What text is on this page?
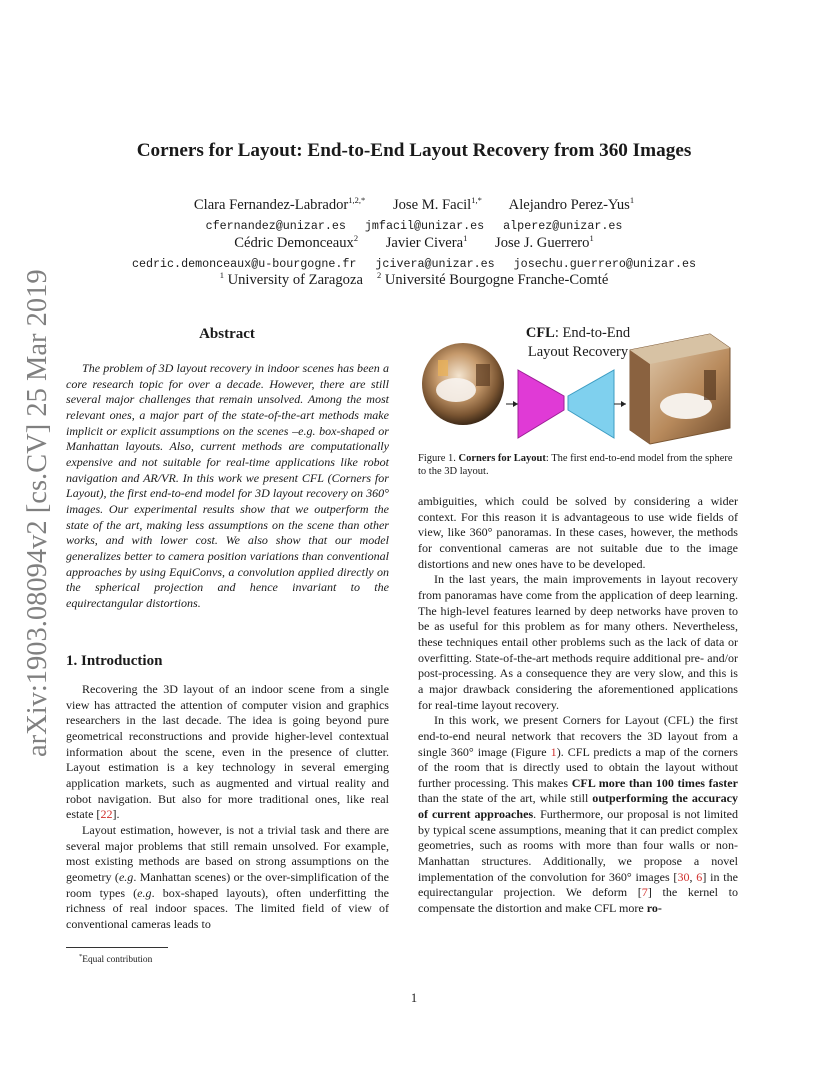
arXiv:1903.08094v2 [cs.CV] 25 Mar 2019
Corners for Layout: End-to-End Layout Recovery from 360 Images
Clara Fernandez-Labrador$^{1,2,*}$ Jose M. Facil$^{1,*}$ Alejandro Perez-Yus$^1$
cfernandez@unizar.es jmfacil@unizar.es alperez@unizar.es
Cédric Demonceaux$^2$ Javier Civera$^1$ Jose J. Guerrero$^1$
cedric.demonceaux@u-bourgogne.fr jcivera@unizar.es josechu.guerrero@unizar.es
$^1$ University of Zaragoza $^2$ Université Bourgogne Franche-Comté
Abstract

The problem of 3D layout recovery in indoor scenes has been a core research topic for over a decade. However, there are still several major challenges that remain unsolved. Among the most relevant ones, a major part of the state-of-the-art methods make implicit or explicit assumptions on the scenes –e.g. box-shaped or Manhattan layouts. Also, current methods are computationally expensive and not suitable for real-time applications like robot navigation and AR/VR. In this work we present CFL (Corners for Layout), the first end-to-end model for 3D layout recovery on 360° images. Our experimental results show that we outperform the state of the art, making less assumptions on the scene than other works, and with lower cost. We also show that our model generalizes better to camera position variations than conventional approaches by using EquiConvs, a convolution applied directly on the spherical projection and hence invariant to the equirectangular distortions.

1. Introduction

Recovering the 3D layout of an indoor scene from a single view has attracted the attention of computer vision and graphics researchers in the last decade. The idea is going beyond pure geometrical reconstructions and provide higher-level contextual information about the scene, even in the presence of clutter. Layout estimation is a key technology in several emerging application markets, such as augmented and virtual reality and robot navigation. But also for more traditional ones, like real estate [22].

Layout estimation, however, is not a trivial task and there are several major problems that still remain unsolved. For example, most existing methods are based on strong assumptions on the geometry (e.g. Manhattan scenes) or the over-simplification of the room types (e.g. box-shaped layouts), often underfitting the richness of real indoor spaces. The limited field of view of conventional cameras leads to

*Equal contribution
CFL: End-to-End
Layout Recovery
Figure 1. Corners for Layout: The first end-to-end model from the sphere to the 3D layout.

ambiguities, which could be solved by considering a wider context. For this reason it is advantageous to use wide fields of view, like 360° panoramas. In these cases, however, the methods for conventional cameras are not suitable due to the image distortions and new ones have to be developed.

In the last years, the main improvements in layout recovery from panoramas have come from the application of deep learning. The high-level features learned by deep networks have proven to be as useful for this problem as for many others. Nevertheless, these techniques entail other problems such as the lack of data or overfitting. State-of-the-art methods require additional pre- and/or post-processing. As a consequence they are very slow, and this is a major drawback considering the aforementioned applications for real-time layout recovery.

In this work, we present Corners for Layout (CFL) the first end-to-end neural network that recovers the 3D layout from a single 360° image (Figure 1). CFL predicts a map of the corners of the room that is directly used to obtain the layout without further processing. This makes CFL more than 100 times faster than the state of the art, while still outperforming the accuracy of current approaches. Furthermore, our proposal is not limited by typical scene assumptions, meaning that it can predict complex geometries, such as rooms with more than four walls or non-Manhattan structures. Additionally, we propose a novel implementation of the convolution for 360° images [30, 6] in the equirectangular projection. We deform [7] the kernel to compensate the distortion and make CFL more ro-

1
